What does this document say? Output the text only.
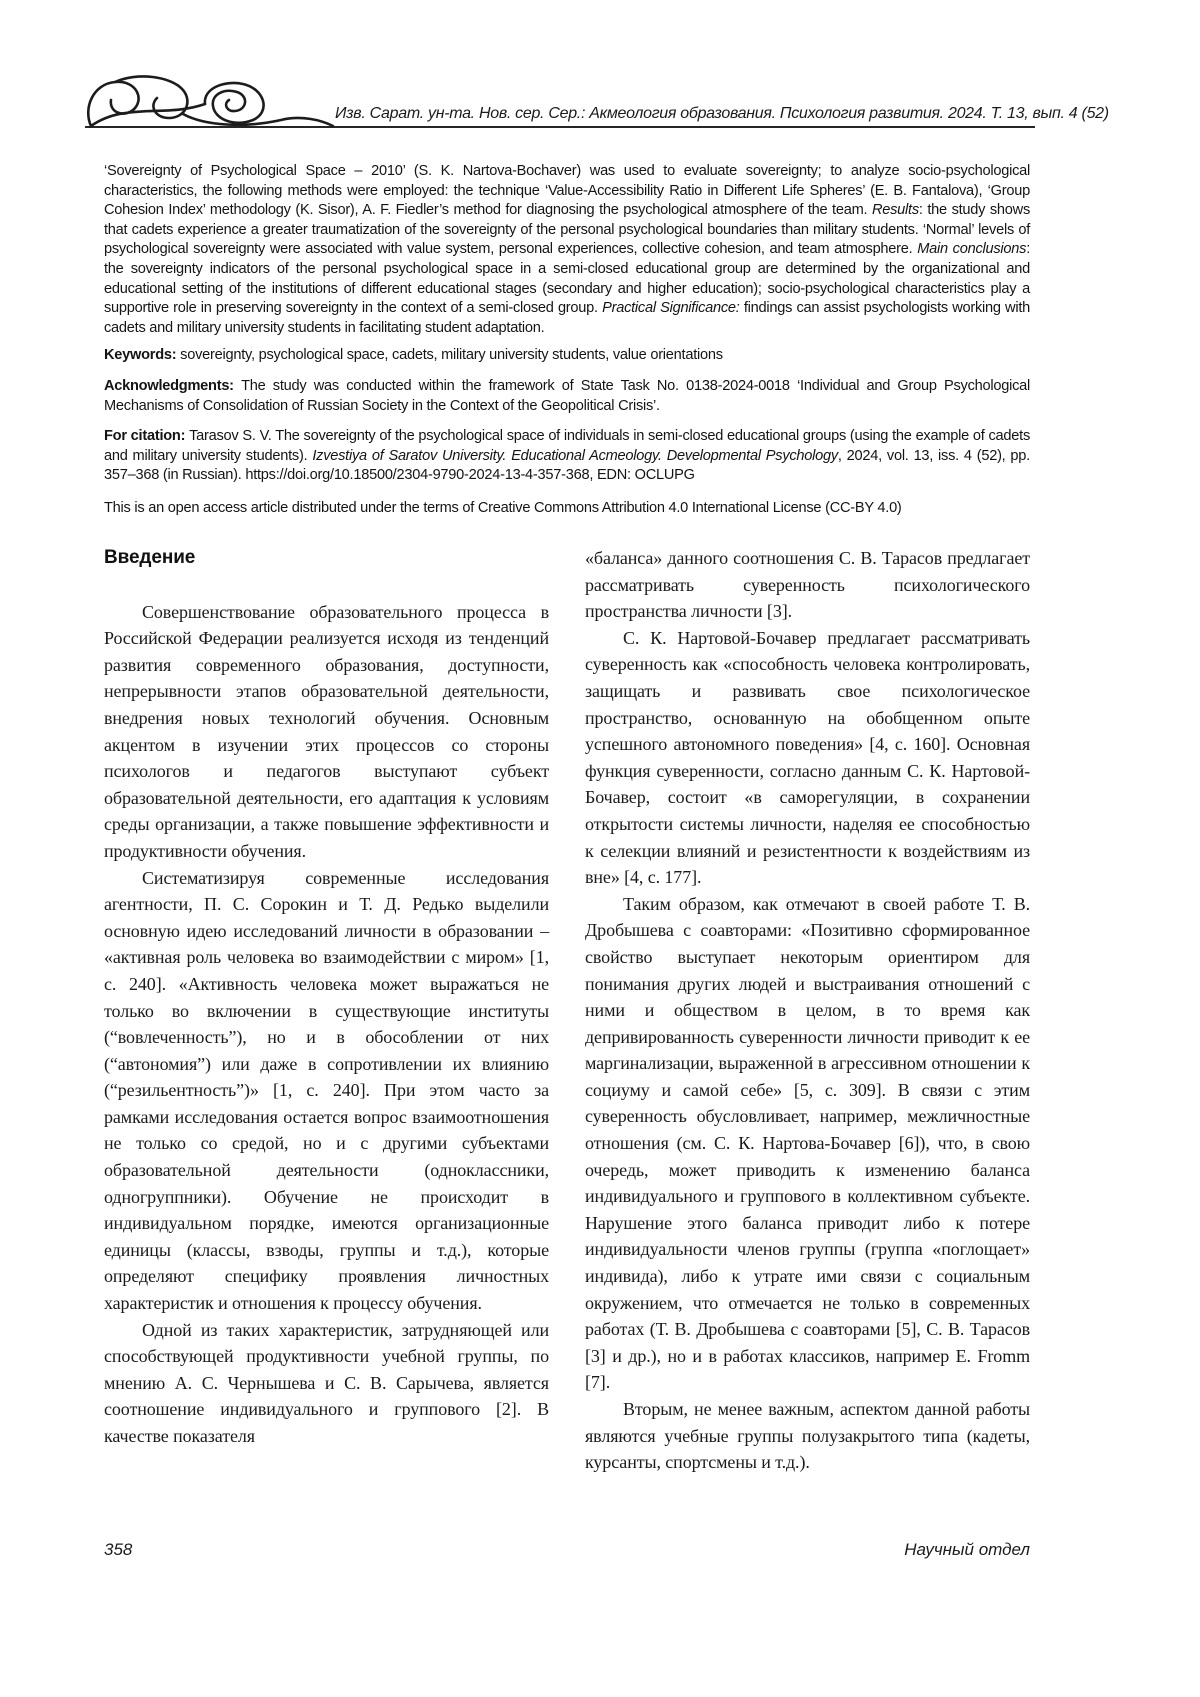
Изв. Сарат. ун-та. Нов. сер. Сер.: Акмеология образования. Психология развития. 2024. Т. 13, вып. 4 (52)

‘Sovereignty of Psychological Space – 2010’ (S. K. Nartova-Bochaver) was used to evaluate sovereignty; to analyze socio-psychological characteristics, the following methods were employed: the technique ‘Value-Accessibility Ratio in Different Life Spheres’ (E. B. Fantalova), ‘Group Cohesion Index’ methodology (K. Sisor), A. F. Fiedler’s method for diagnosing the psychological atmosphere of the team. Results: the study shows that cadets experience a greater traumatization of the sovereignty of the personal psychological boundaries than military students. ‘Normal’ levels of psychological sovereignty were associated with value system, personal experiences, collective cohesion, and team atmosphere. Main conclusions: the sovereignty indicators of the personal psychological space in a semi-closed educational group are determined by the organizational and educational setting of the institutions of different educational stages (secondary and higher education); socio-psychological characteristics play a supportive role in preserving sovereignty in the context of a semi-closed group. Practical Significance: findings can assist psychologists working with cadets and military university students in facilitating student adaptation.

Keywords: sovereignty, psychological space, cadets, military university students, value orientations

Acknowledgments: The study was conducted within the framework of State Task No. 0138-2024-0018 ‘Individual and Group Psychological Mechanisms of Consolidation of Russian Society in the Context of the Geopolitical Crisis’.

For citation: Tarasov S. V. The sovereignty of the psychological space of individuals in semi-closed educational groups (using the example of cadets and military university students). Izvestiya of Saratov University. Educational Acmeology. Developmental Psychology, 2024, vol. 13, iss. 4 (52), pp. 357–368 (in Russian). https://doi.org/10.18500/2304-9790-2024-13-4-357-368, EDN: OCLUPG

This is an open access article distributed under the terms of Creative Commons Attribution 4.0 International License (CC-BY 4.0)

Введение

Совершенствование образовательного процесса в Российской Федерации реализуется исходя из тенденций развития современного образования, доступности, непрерывности этапов образовательной деятельности, внедрения новых технологий обучения. Основным акцентом в изучении этих процессов со стороны психологов и педагогов выступают субъект образовательной деятельности, его адаптация к условиям среды организации, а также повышение эффективности и продуктивности обучения.

Систематизируя современные исследования агентности, П. С. Сорокин и Т. Д. Редько выделили основную идею исследований личности в образовании – «активная роль человека во взаимодействии с миром» [1, с. 240]. «Активность человека может выражаться не только во включении в существующие институты (“вовлеченность”), но и в обособлении от них (“автономия”) или даже в сопротивлении их влиянию (“резильентность”)» [1, с. 240]. При этом часто за рамками исследования остается вопрос взаимоотношения не только со средой, но и с другими субъектами образовательной деятельности (одноклассники, одногруппники). Обучение не происходит в индивидуальном порядке, имеются организационные единицы (классы, взводы, группы и т.д.), которые определяют специфику проявления личностных характеристик и отношения к процессу обучения.

Одной из таких характеристик, затрудняющей или способствующей продуктивности учебной группы, по мнению А. С. Чернышева и С. В. Сарычева, является соотношение индивидуального и группового [2]. В качестве показателя

«баланса» данного соотношения С. В. Тарасов предлагает рассматривать суверенность психологического пространства личности [3].

С. К. Нартовой-Бочавер предлагает рассматривать суверенность как «способность человека контролировать, защищать и развивать свое психологическое пространство, основанную на обобщенном опыте успешного автономного поведения» [4, с. 160]. Основная функция суверенности, согласно данным С. К. Нартовой-Бочавер, состоит «в саморегуляции, в сохранении открытости системы личности, наделяя ее способностью к селекции влияний и резистентности к воздействиям из вне» [4, с. 177].

Таким образом, как отмечают в своей работе Т. В. Дробышева с соавторами: «Позитивно сформированное свойство выступает некоторым ориентиром для понимания других людей и выстраивания отношений с ними и обществом в целом, в то время как депривированность суверенности личности приводит к ее маргинализации, выраженной в агрессивном отношении к социуму и самой себе» [5, с. 309]. В связи с этим суверенность обусловливает, например, межличностные отношения (см. С. К. Нартова-Бочавер [6]), что, в свою очередь, может приводить к изменению баланса индивидуального и группового в коллективном субъекте. Нарушение этого баланса приводит либо к потере индивидуальности членов группы (группа «поглощает» индивида), либо к утрате ими связи с социальным окружением, что отмечается не только в современных работах (Т. В. Дробышева с соавторами [5], С. В. Тарасов [3] и др.), но и в работах классиков, например E. Fromm [7].

Вторым, не менее важным, аспектом данной работы являются учебные группы полузакрытого типа (кадеты, курсанты, спортсмены и т.д.).

358	Научный отдел
